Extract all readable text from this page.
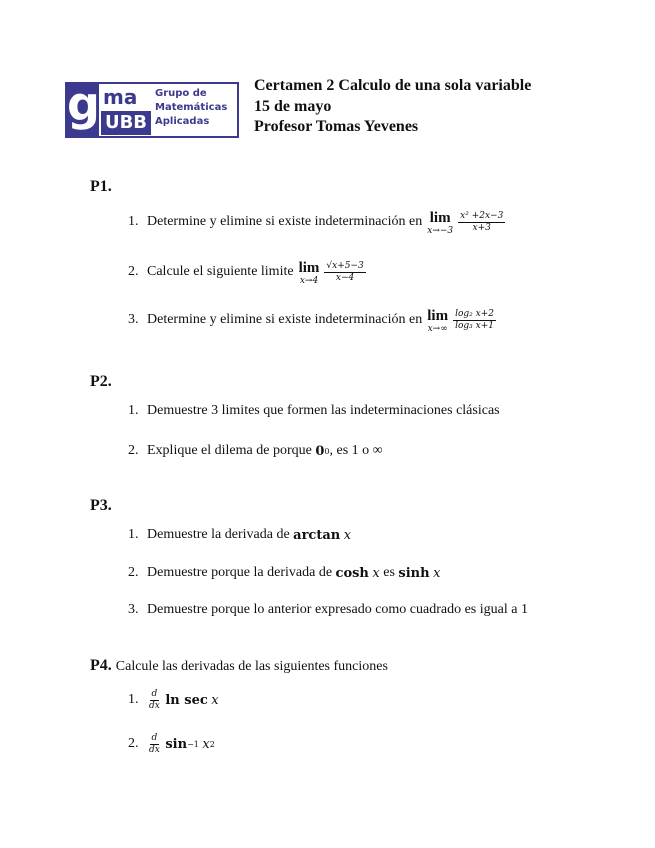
g ma
UBB
Grupo de
Matemáticas
Aplicadas
Certamen 2 Calculo de una sola variable
15 de mayo
Profesor Tomas Yevenes
P1.
1. Determine y elimine si existe indeterminación en lim
$x\to-3 \frac{\text{x² +2x−3}}{x+3}$
2. Calcule el siguiente limite lim
$x\to 4 \frac{√x+5-3}{x-4}$
3. Determine y elimine si existe indeterminación en lim
$x\to\infty \frac{\text{log₂ x+2}}{\text{log₃ x+1}}$
P2.
1. Demuestre 3 limites que formen las indeterminaciones clásicas
2. Explique el dilema de porque
0 0 , es 1 o ∞
P3.
1. Demuestre la derivada de
arctan
x
2. Demuestre porque la derivada de
cosh
x
es
sinh
x
3. Demuestre porque lo anterior expresado como cuadrado es igual a 1
P4. Calcule las derivadas de las siguientes funciones
1. $\frac{d}{dx}$
ln sec
x
2. $\frac{d}{dx}$
sin −1
x 2
